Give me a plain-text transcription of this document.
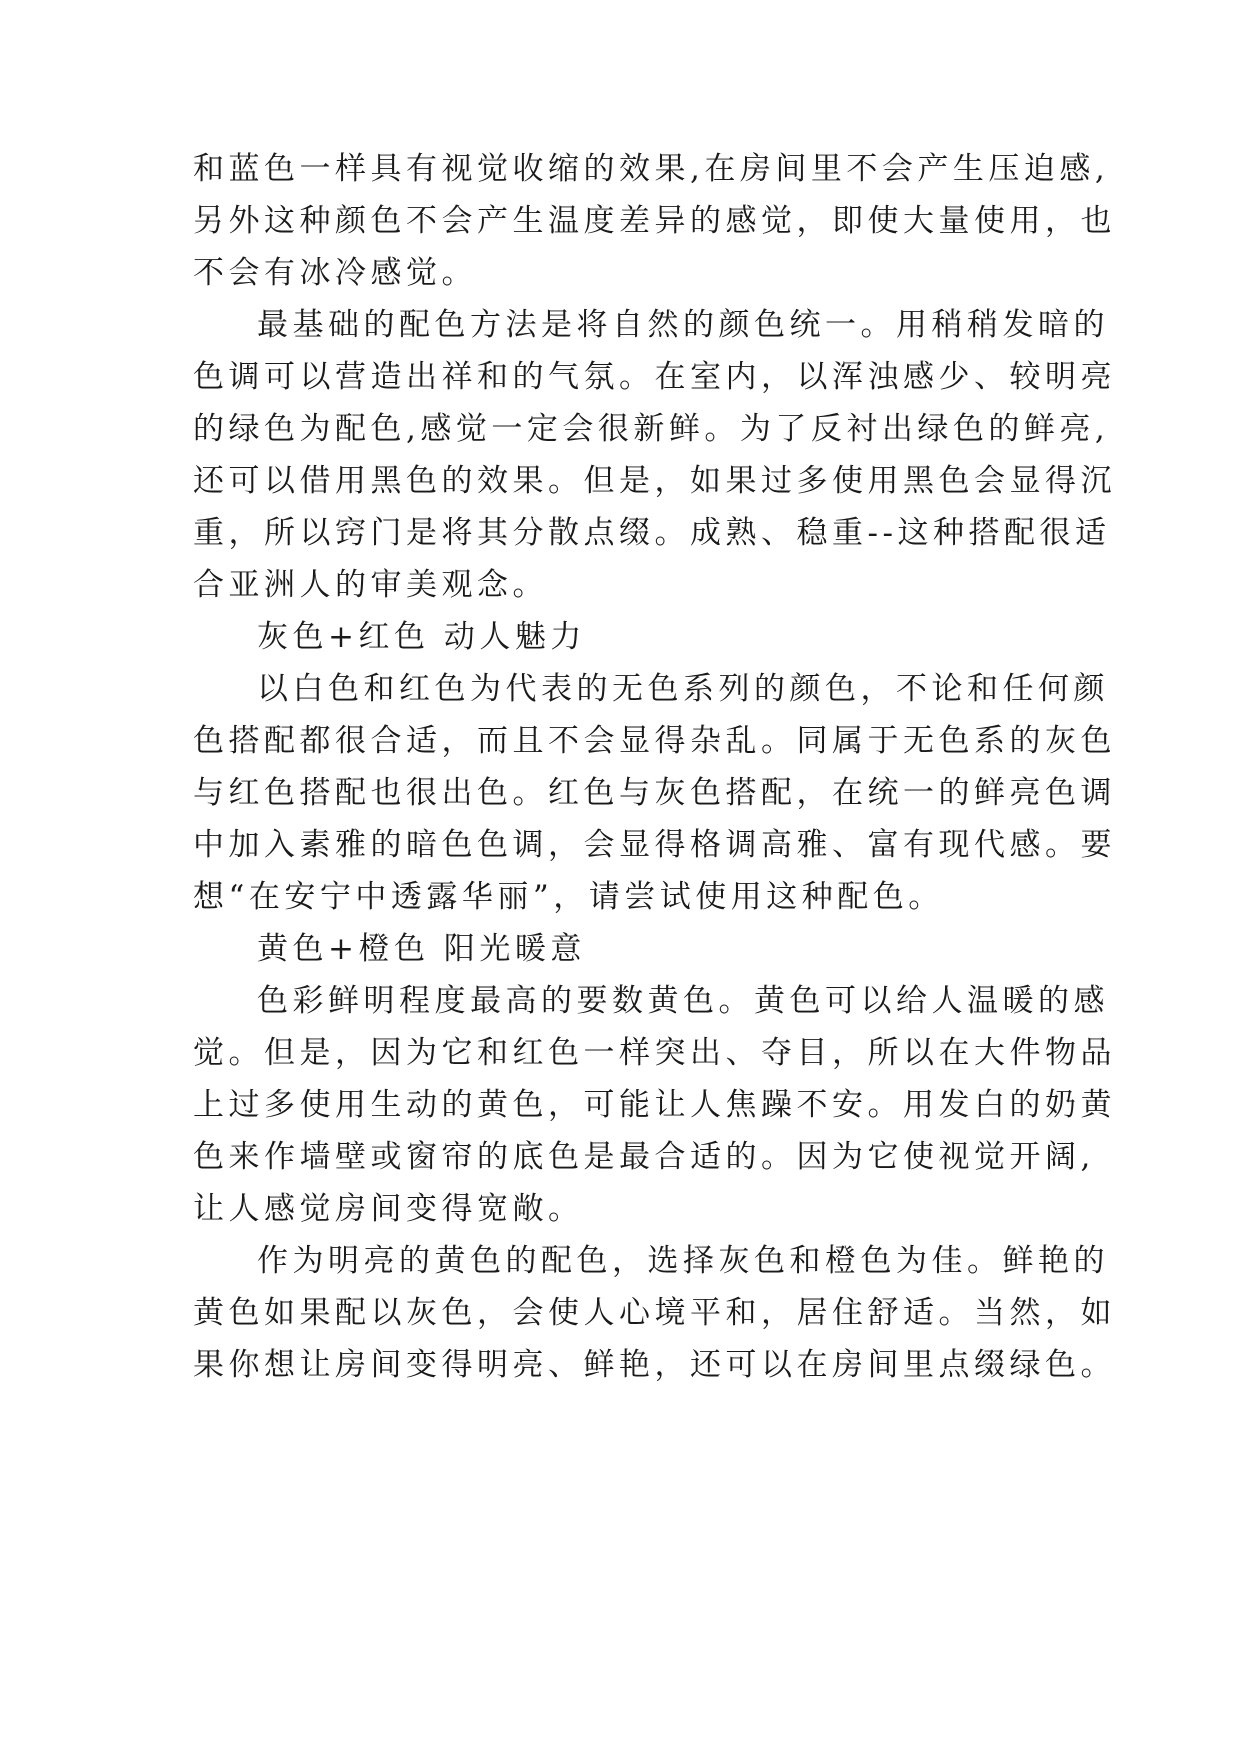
和蓝色一样具有视觉收缩的效果,在房间里不会产生压迫感,
另外这种颜色不会产生温度差异的感觉，即使大量使用，也
不会有冰冷感觉。
最基础的配色方法是将自然的颜色统一。用稍稍发暗的
色调可以营造出祥和的气氛。在室内，以浑浊感少、较明亮
的绿色为配色,感觉一定会很新鲜。为了反衬出绿色的鲜亮,
还可以借用黑色的效果。但是，如果过多使用黑色会显得沉
重，所以窍门是将其分散点缀。成熟、稳重--这种搭配很适
合亚洲人的审美观念。
灰色+红色 动人魅力
以白色和红色为代表的无色系列的颜色，不论和任何颜
色搭配都很合适，而且不会显得杂乱。同属于无色系的灰色
与红色搭配也很出色。红色与灰色搭配，在统一的鲜亮色调
中加入素雅的暗色色调，会显得格调高雅、富有现代感。要
想“在安宁中透露华丽”，请尝试使用这种配色。
黄色+橙色 阳光暖意
色彩鲜明程度最高的要数黄色。黄色可以给人温暖的感
觉。但是，因为它和红色一样突出、夺目，所以在大件物品
上过多使用生动的黄色，可能让人焦躁不安。用发白的奶黄
色来作墙壁或窗帘的底色是最合适的。因为它使视觉开阔,
让人感觉房间变得宽敞。
作为明亮的黄色的配色，选择灰色和橙色为佳。鲜艳的
黄色如果配以灰色，会使人心境平和，居住舒适。当然，如
果你想让房间变得明亮、鲜艳，还可以在房间里点缀绿色。
